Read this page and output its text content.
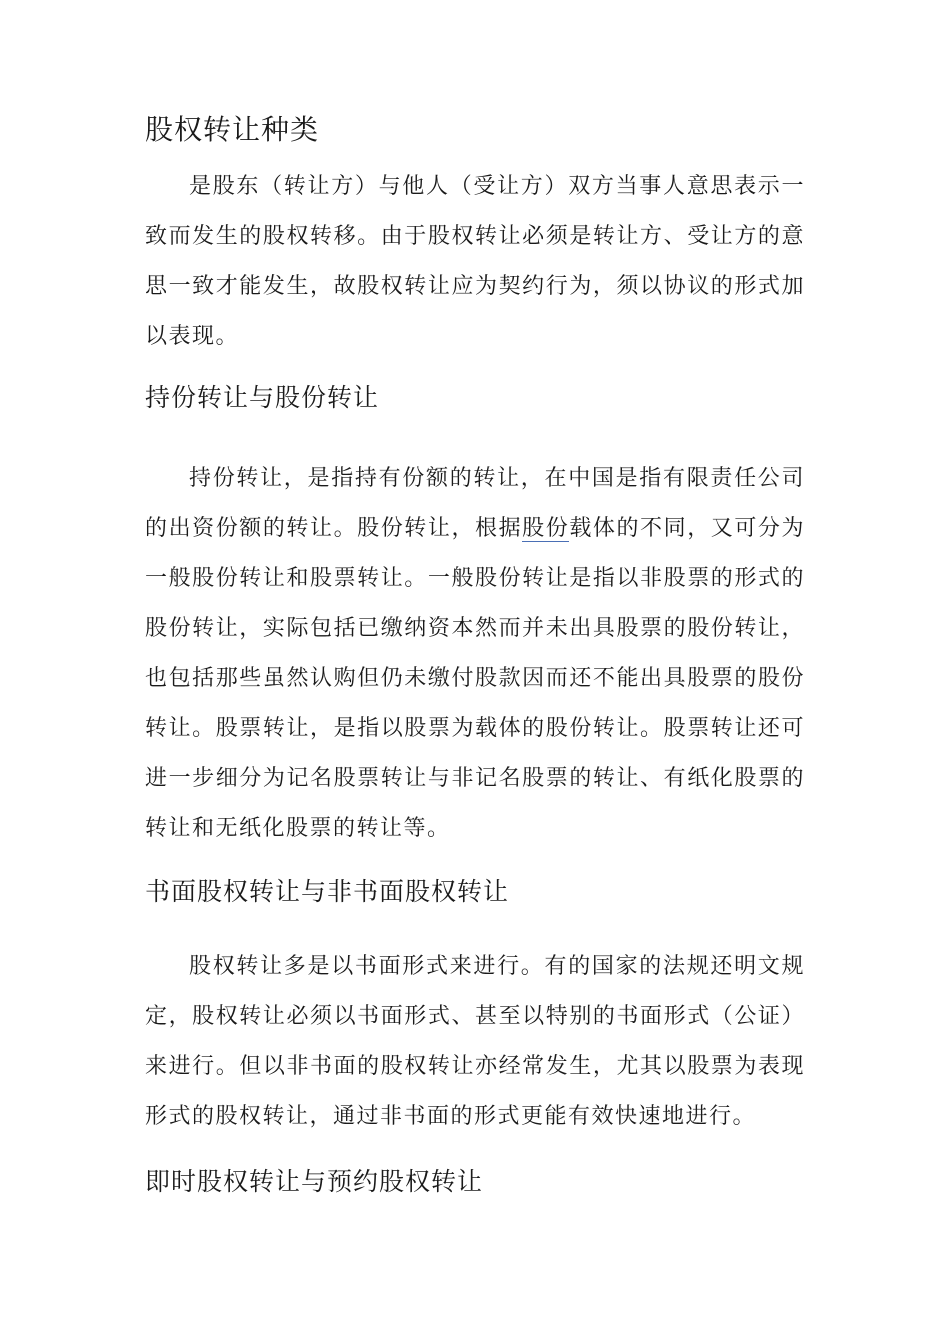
股权转让种类

是股东（转让方）与他人（受让方）双方当事人意思表示一致而发生的股权转移。由于股权转让必须是转让方、受让方的意思一致才能发生，故股权转让应为契约行为，须以协议的形式加以表现。

持份转让与股份转让

持份转让，是指持有份额的转让，在中国是指有限责任公司的出资份额的转让。股份转让，根据股份载体的不同，又可分为一般股份转让和股票转让。一般股份转让是指以非股票的形式的股份转让，实际包括已缴纳资本然而并未出具股票的股份转让，也包括那些虽然认购但仍未缴付股款因而还不能出具股票的股份转让。股票转让，是指以股票为载体的股份转让。股票转让还可进一步细分为记名股票转让与非记名股票的转让、有纸化股票的转让和无纸化股票的转让等。

书面股权转让与非书面股权转让

股权转让多是以书面形式来进行。有的国家的法规还明文规定，股权转让必须以书面形式、甚至以特别的书面形式（公证）来进行。但以非书面的股权转让亦经常发生，尤其以股票为表现形式的股权转让，通过非书面的形式更能有效快速地进行。

即时股权转让与预约股权转让
